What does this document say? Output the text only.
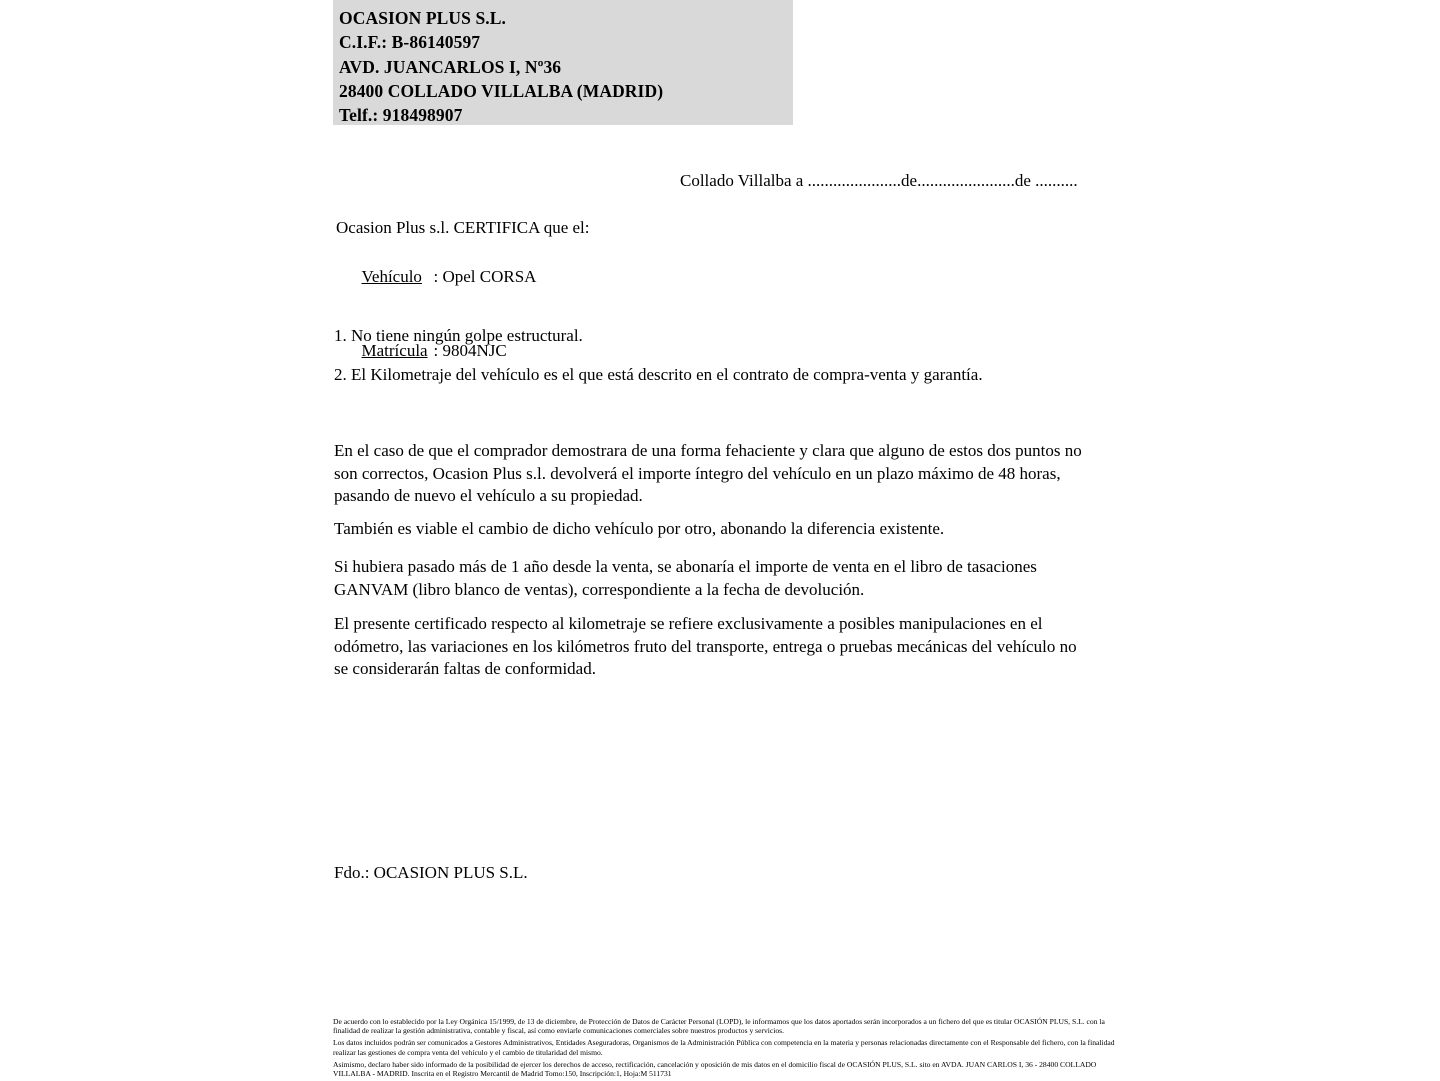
OCASION PLUS S.L.
C.I.F.: B-86140597
AVD. JUANCARLOS I, Nº36
28400 COLLADO VILLALBA (MADRID)
Telf.: 918498907
Collado Villalba a ......................de.......................de ..........
Ocasion Plus s.l. CERTIFICA que el:

Vehículo : Opel CORSA

Matrícula : 9804NJC

1. No tiene ningún golpe estructural.
2. El Kilometraje del vehículo es el que está descrito en el contrato de compra-venta y garantía.
En el caso de que el comprador demostrara de una forma fehaciente y clara que alguno de estos dos puntos no son correctos, Ocasion Plus s.l. devolverá el importe íntegro del vehículo en un plazo máximo de 48 horas, pasando de nuevo el vehículo a su propiedad.
También es viable el cambio de dicho vehículo por otro, abonando la diferencia existente.
Si hubiera pasado más de 1 año desde la venta, se abonaría el importe de venta en el libro de tasaciones GANVAM (libro blanco de ventas), correspondiente a la fecha de devolución.
El presente certificado respecto al kilometraje se refiere exclusivamente a posibles manipulaciones en el odómetro, las variaciones en los kilómetros fruto del transporte, entrega o pruebas mecánicas del vehículo no se considerarán faltas de conformidad.
Fdo.: OCASION PLUS S.L.

De acuerdo con lo establecido por la Ley Orgánica 15/1999, de 13 de diciembre, de Protección de Datos de Carácter Personal (LOPD), le informamos que los datos aportados serán incorporados a un fichero del que es titular OCASIÓN PLUS, S.L. con la finalidad de realizar la gestión administrativa, contable y fiscal, así como enviarle comunicaciones comerciales sobre nuestros productos y servicios.

Los datos incluidos podrán ser comunicados a Gestores Administrativos, Entidades Aseguradoras, Organismos de la Administración Pública con competencia en la materia y personas relacionadas directamente con el Responsable del fichero, con la finalidad realizar las gestiones de compra venta del vehículo y el cambio de titularidad del mismo.

Asimismo, declaro haber sido informado de la posibilidad de ejercer los derechos de acceso, rectificación, cancelación y oposición de mis datos en el domicilio fiscal de OCASIÓN PLUS, S.L. sito en AVDA. JUAN CARLOS I, 36 - 28400 COLLADO VILLALBA - MADRID. Inscrita en el Registro Mercantil de Madrid Tomo:150, Inscripción:1, Hoja:M 511731
